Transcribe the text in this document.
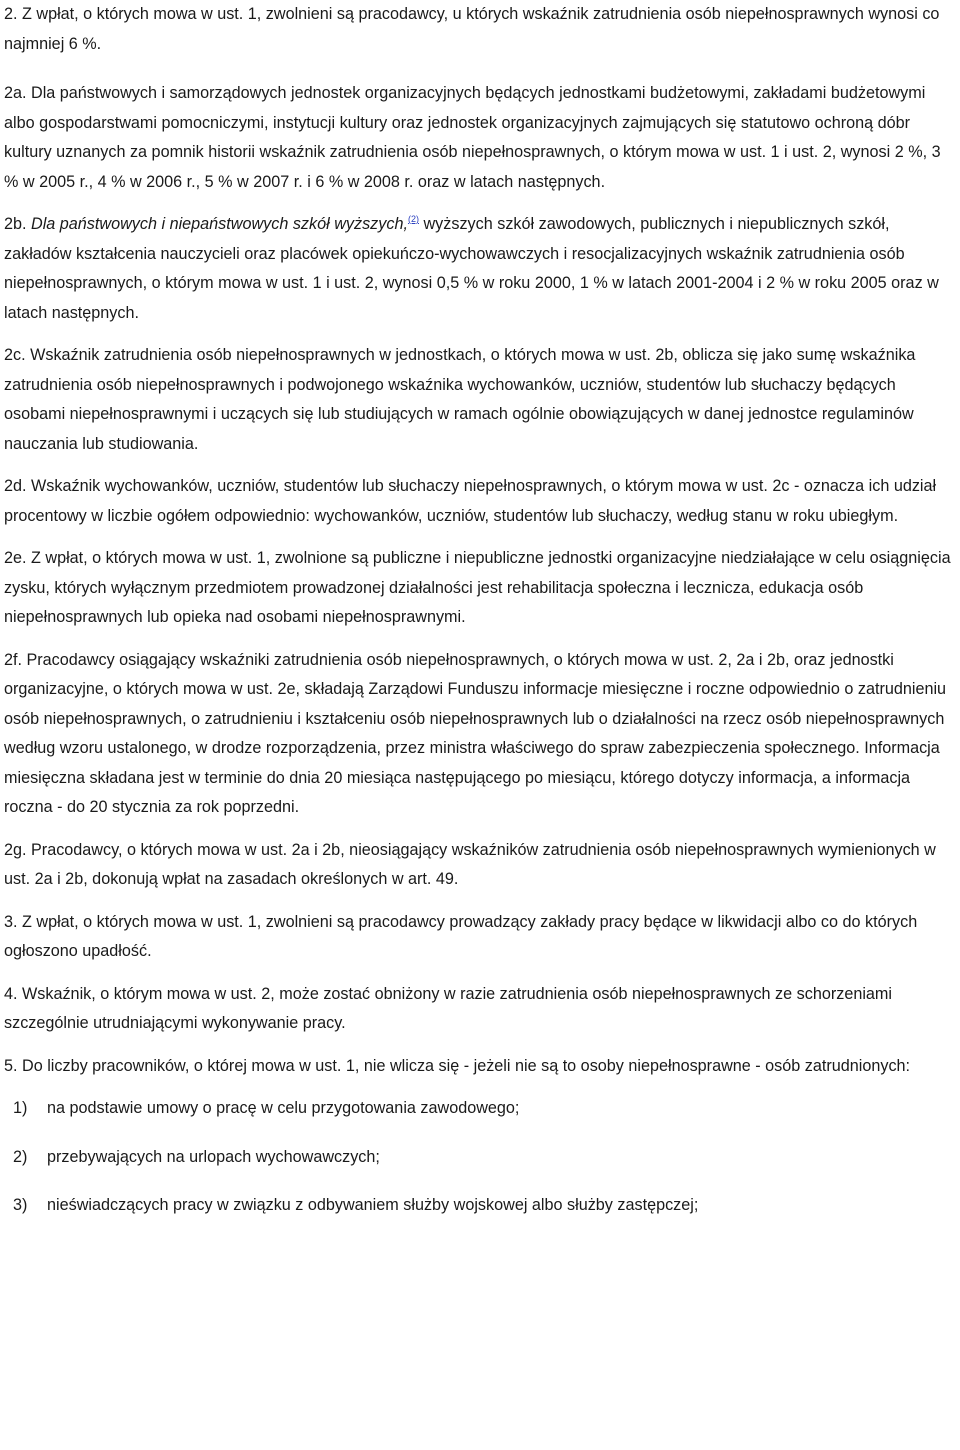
2. Z wpłat, o których mowa w ust. 1, zwolnieni są pracodawcy, u których wskaźnik zatrudnienia osób niepełnosprawnych wynosi co najmniej 6 %.

2a. Dla państwowych i samorządowych jednostek organizacyjnych będących jednostkami budżetowymi, zakładami budżetowymi albo gospodarstwami pomocniczymi, instytucji kultury oraz jednostek organizacyjnych zajmujących się statutowo ochroną dóbr kultury uznanych za pomnik historii wskaźnik zatrudnienia osób niepełnosprawnych, o którym mowa w ust. 1 i ust. 2, wynosi 2 %, 3 % w 2005 r., 4 % w 2006 r., 5 % w 2007 r. i 6 % w 2008 r. oraz w latach następnych.

2b. Dla państwowych i niepaństwowych szkół wyższych,$^{(2)}$ wyższych szkół zawodowych, publicznych i niepublicznych szkół, zakładów kształcenia nauczycieli oraz placówek opiekuńczo-wychowawczych i resocjalizacyjnych wskaźnik zatrudnienia osób niepełnosprawnych, o którym mowa w ust. 1 i ust. 2, wynosi 0,5 % w roku 2000, 1 % w latach 2001-2004 i 2 % w roku 2005 oraz w latach następnych.

2c. Wskaźnik zatrudnienia osób niepełnosprawnych w jednostkach, o których mowa w ust. 2b, oblicza się jako sumę wskaźnika zatrudnienia osób niepełnosprawnych i podwojonego wskaźnika wychowanków, uczniów, studentów lub słuchaczy będących osobami niepełnosprawnymi i uczących się lub studiujących w ramach ogólnie obowiązujących w danej jednostce regulaminów nauczania lub studiowania.

2d. Wskaźnik wychowanków, uczniów, studentów lub słuchaczy niepełnosprawnych, o którym mowa w ust. 2c - oznacza ich udział procentowy w liczbie ogółem odpowiednio: wychowanków, uczniów, studentów lub słuchaczy, według stanu w roku ubiegłym.

2e. Z wpłat, o których mowa w ust. 1, zwolnione są publiczne i niepubliczne jednostki organizacyjne niedziałające w celu osiągnięcia zysku, których wyłącznym przedmiotem prowadzonej działalności jest rehabilitacja społeczna i lecznicza, edukacja osób niepełnosprawnych lub opieka nad osobami niepełnosprawnymi.

2f. Pracodawcy osiągający wskaźniki zatrudnienia osób niepełnosprawnych, o których mowa w ust. 2, 2a i 2b, oraz jednostki organizacyjne, o których mowa w ust. 2e, składają Zarządowi Funduszu informacje miesięczne i roczne odpowiednio o zatrudnieniu osób niepełnosprawnych, o zatrudnieniu i kształceniu osób niepełnosprawnych lub o działalności na rzecz osób niepełnosprawnych według wzoru ustalonego, w drodze rozporządzenia, przez ministra właściwego do spraw zabezpieczenia społecznego. Informacja miesięczna składana jest w terminie do dnia 20 miesiąca następującego po miesiącu, którego dotyczy informacja, a informacja roczna - do 20 stycznia za rok poprzedni.

2g. Pracodawcy, o których mowa w ust. 2a i 2b, nieosiągający wskaźników zatrudnienia osób niepełnosprawnych wymienionych w ust. 2a i 2b, dokonują wpłat na zasadach określonych w art. 49.

3. Z wpłat, o których mowa w ust. 1, zwolnieni są pracodawcy prowadzący zakłady pracy będące w likwidacji albo co do których ogłoszono upadłość.

4. Wskaźnik, o którym mowa w ust. 2, może zostać obniżony w razie zatrudnienia osób niepełnosprawnych ze schorzeniami szczególnie utrudniającymi wykonywanie pracy.

5. Do liczby pracowników, o której mowa w ust. 1, nie wlicza się - jeżeli nie są to osoby niepełnosprawne - osób zatrudnionych:

1) na podstawie umowy o pracę w celu przygotowania zawodowego;
2) przebywających na urlopach wychowawczych;
3) nieświadczących pracy w związku z odbywaniem służby wojskowej albo służby zastępczej;
